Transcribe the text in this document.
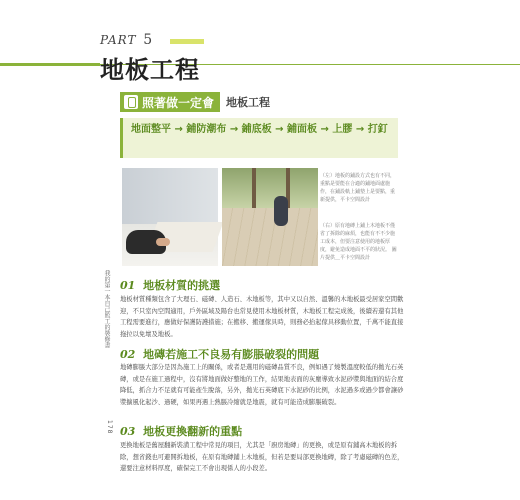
PART 5
地板工程
照著做一定會 地板工程
地面整平 → 鋪防潮布 → 鋪底板 → 鋪面板 → 上膠 → 打釘
（左）地板的鋪設方式也有不同，重點是要能在合適的鋪地面處施作，在鋪設軌上鋪墊上是要點，重新提供，平卡空間設計
（右）原有地磚上鋪上木地板不僅省了拆除的麻煩，也能有不不少施工成本，但要注意使用的地板厚度，避免造成地面不平的狀況。 圖片提供＿平卡空間設計
我的第一本自己監工的裝修書
178
01 地板材質的挑選
地板材質種類包含了大理石、磁磚、人造石、木地板等，其中又以自然、溫馨的木地板最受居家空間歡迎，不只室內空間適用，戶外區域及陽台也常見使用木地板材質，木地板工程完成後，後續若還有其他工程需要進行，應做好保護防護措施；在搬移、搬運傢具時，則務必抬起傢具移動位置，千萬不能直接拖拉以免壞及地板。
02 地磚若施工不良易有膨脹破裂的問題
地磚膨脹大部分是因為施工上的關係，或者是選用的磁磚品質不良，例如遇了燒製溫度較低的拋光石英磚，或是在施工過程中，沒有將地面做好整地的工作，結果地表面的灰塵導致水泥砂漿與地面的結合度降低，抓合力不足就有可能產生脫落，另外，拋光石英磚底下水泥砂的比例，水泥過多或過少都會讓砂漿擴風化起沙、過硬，如果再遇上熱脹冷縮就是地震，就有可能造成膨脹破裂。
03 地板更換翻新的重點
更換地板是舊屋翻新裝潢工程中常見的項目，尤其是「廚房地磚」的更換，或是原有鋪高木地板的拆除，想省錢也可避開拆地板，在原有地磚鋪上木地板，但若是要局部更換地磚，除了考慮磁磚的色差，還要注意材料厚度，確保完工不會出現係人的小段差。
